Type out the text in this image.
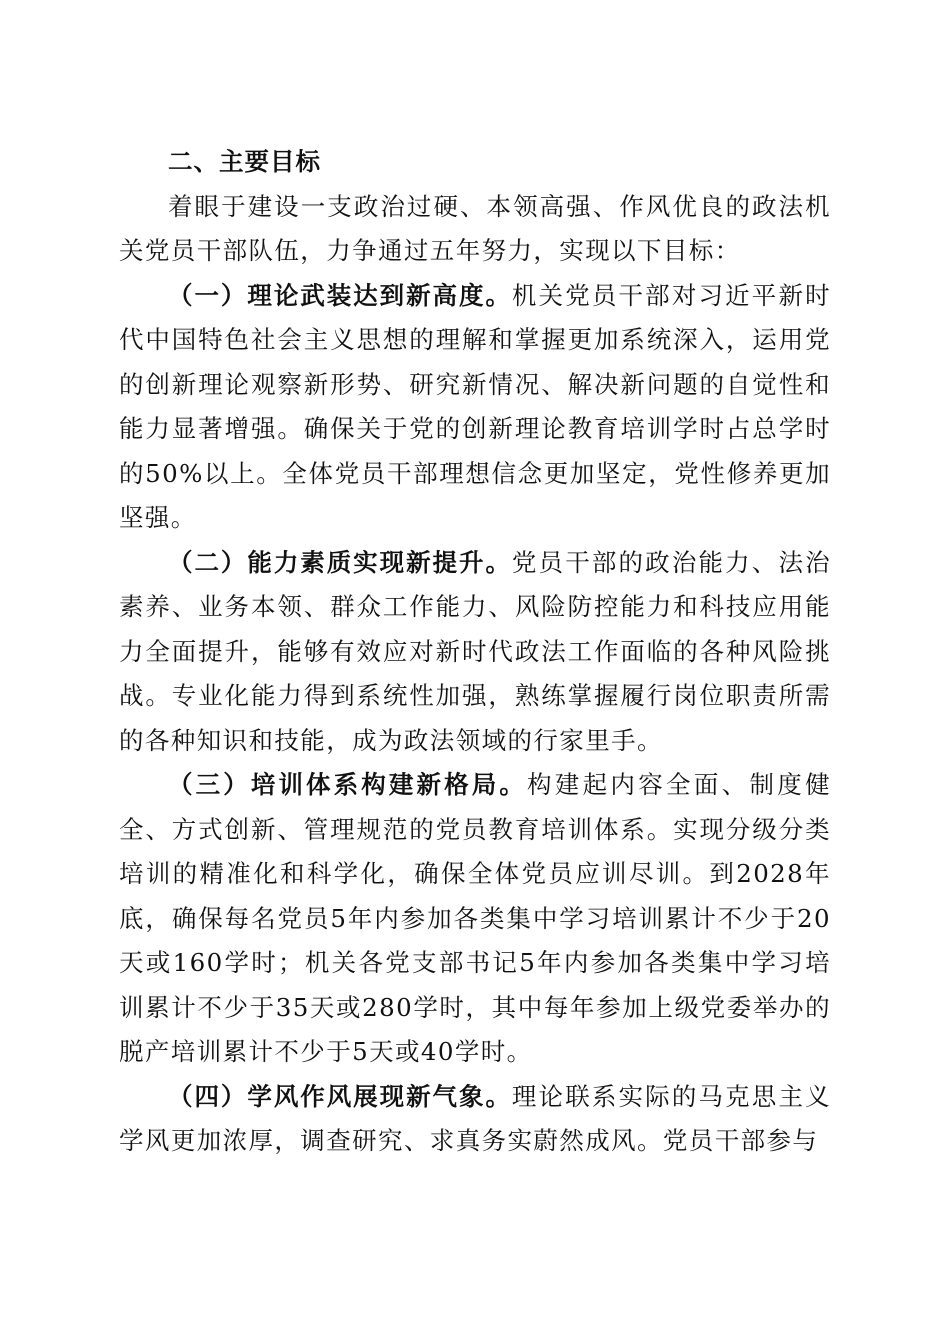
二、主要目标

着眼于建设一支政治过硬、本领高强、作风优良的政法机关党员干部队伍，力争通过五年努力，实现以下目标：

（一）理论武装达到新高度。机关党员干部对习近平新时代中国特色社会主义思想的理解和掌握更加系统深入，运用党的创新理论观察新形势、研究新情况、解决新问题的自觉性和能力显著增强。确保关于党的创新理论教育培训学时占总学时的50%以上。全体党员干部理想信念更加坚定，党性修养更加坚强。

（二）能力素质实现新提升。党员干部的政治能力、法治素养、业务本领、群众工作能力、风险防控能力和科技应用能力全面提升，能够有效应对新时代政法工作面临的各种风险挑战。专业化能力得到系统性加强，熟练掌握履行岗位职责所需的各种知识和技能，成为政法领域的行家里手。

（三）培训体系构建新格局。构建起内容全面、制度健全、方式创新、管理规范的党员教育培训体系。实现分级分类培训的精准化和科学化，确保全体党员应训尽训。到2028年底，确保每名党员5年内参加各类集中学习培训累计不少于20天或160学时；机关各党支部书记5年内参加各类集中学习培训累计不少于35天或280学时，其中每年参加上级党委举办的脱产培训累计不少于5天或40学时。

（四）学风作风展现新气象。理论联系实际的马克思主义学风更加浓厚，调查研究、求真务实蔚然成风。党员干部参与
